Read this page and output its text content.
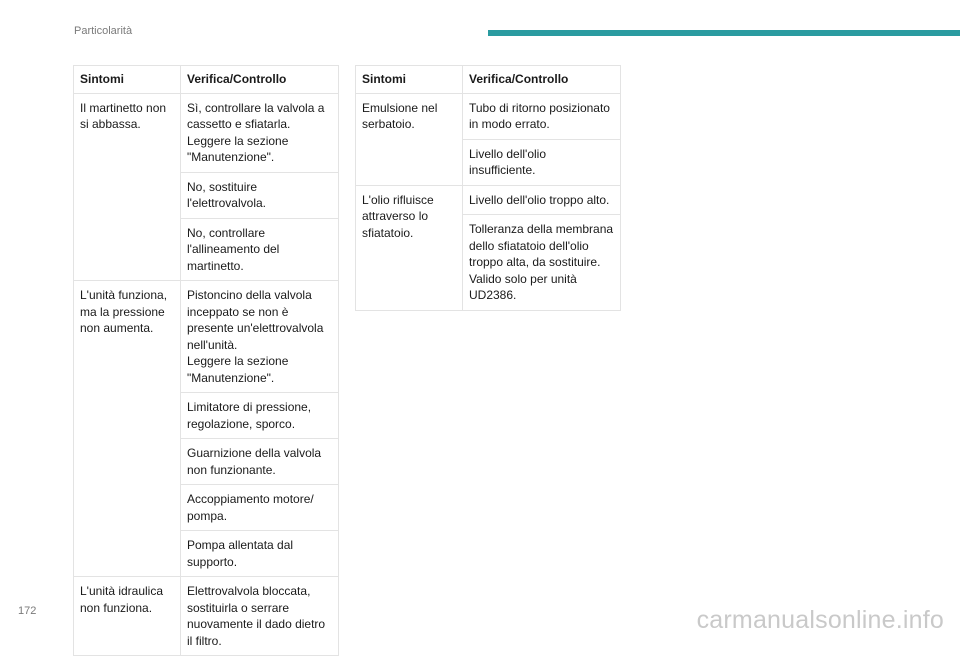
Particolarità
Sintomi	Verifica/Controllo
Il martinetto non si abbassa.	Sì, controllare la valvola a cassetto e sfiatarla.
Leggere la sezione "Manutenzione".
	No, sostituire l'elettrovalvola.
	No, controllare l'allineamento del martinetto.
L'unità funziona, ma la pressione non aumenta.	Pistoncino della valvola inceppato se non è presente un'elettrovalvola nell'unità.
Leggere la sezione "Manutenzione".
	Limitatore di pressione, regolazione, sporco.
	Guarnizione della valvola non funzionante.
	Accoppiamento motore/ pompa.
	Pompa allentata dal supporto.
L'unità idraulica non funziona.	Elettrovalvola bloccata, sostituirla o serrare nuovamente il dado dietro il filtro.
Sintomi	Verifica/Controllo
Emulsione nel serbatoio.	Tubo di ritorno posizionato in modo errato.
	Livello dell'olio insufficiente.
L'olio rifluisce attraverso lo sfiatatoio.	Livello dell'olio troppo alto.
	Tolleranza della membrana dello sfiatatoio dell'olio troppo alta, da sostituire.
Valido solo per unità UD2386.
172	carmanualsonline.info
